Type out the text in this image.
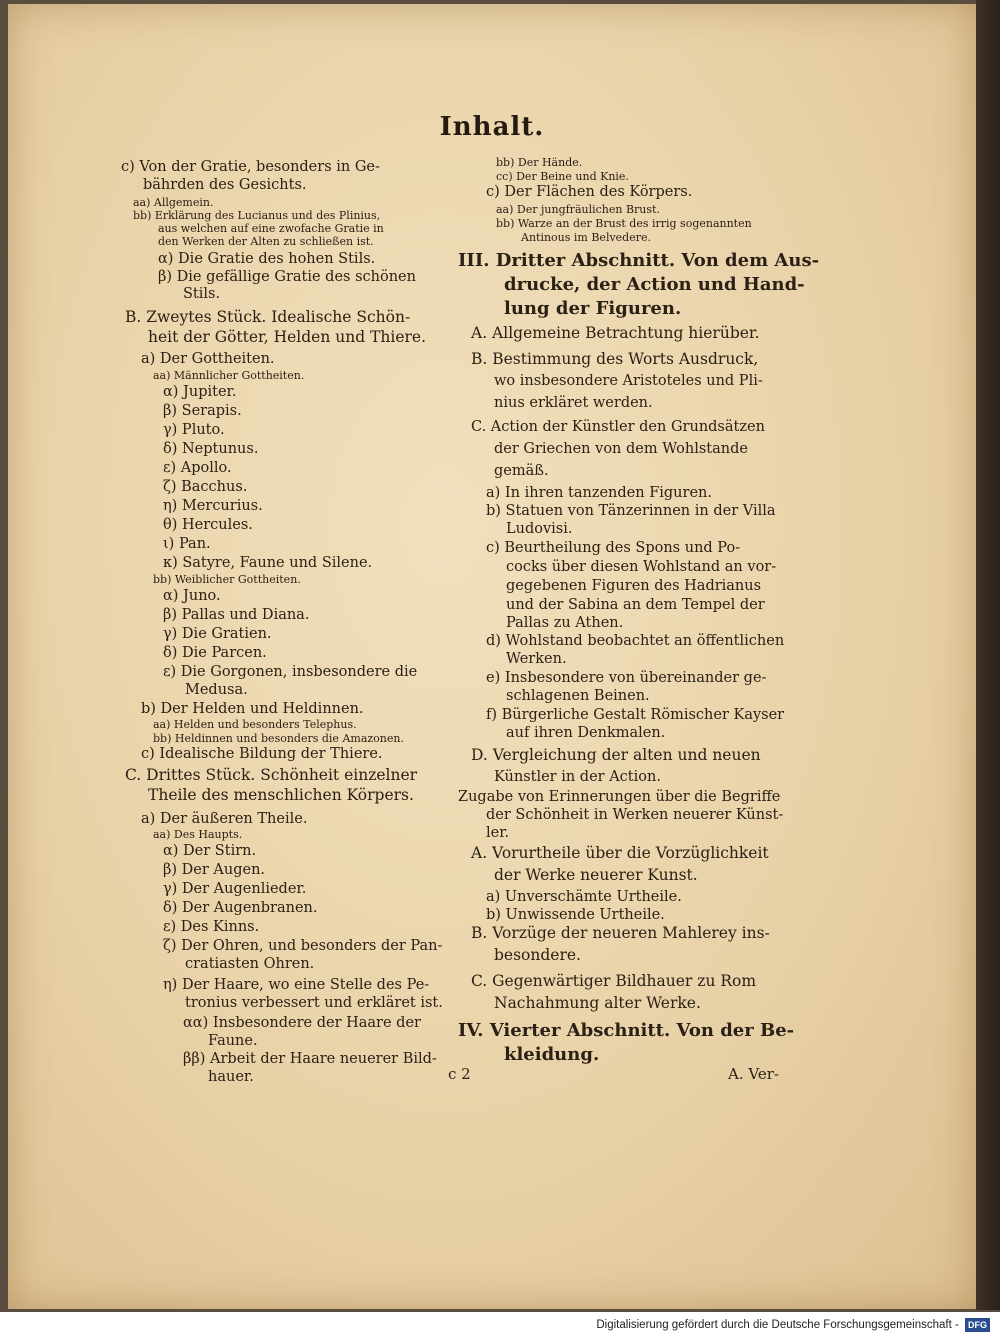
Inhalt.
c) Von der Gratie, besonders in Ge-
bährden des Gesichts.
aa) Allgemein.
bb) Erklärung des Lucianus und des Plinius,
aus welchen auf eine zwofache Gratie in
den Werken der Alten zu schließen ist.
α) Die Gratie des hohen Stils.
β) Die gefällige Gratie des schönen
Stils.
B. Zweytes Stück. Idealische Schön-
heit der Götter, Helden und Thiere.
a) Der Gottheiten.
aa) Männlicher Gottheiten.
α) Jupiter.
β) Serapis.
γ) Pluto.
δ) Neptunus.
ε) Apollo.
ζ) Bacchus.
η) Mercurius.
θ) Hercules.
ι) Pan.
κ) Satyre, Faune und Silene.
bb) Weiblicher Gottheiten.
α) Juno.
β) Pallas und Diana.
γ) Die Gratien.
δ) Die Parcen.
ε) Die Gorgonen, insbesondere die
Medusa.
b) Der Helden und Heldinnen.
aa) Helden und besonders Telephus.
bb) Heldinnen und besonders die Amazonen.
c) Idealische Bildung der Thiere.
C. Drittes Stück. Schönheit einzelner
Theile des menschlichen Körpers.
a) Der äußeren Theile.
aa) Des Haupts.
α) Der Stirn.
β) Der Augen.
γ) Der Augenlieder.
δ) Der Augenbranen.
ε) Des Kinns.
ζ) Der Ohren, und besonders der Pan-
cratiasten Ohren.
η) Der Haare, wo eine Stelle des Pe-
tronius verbessert und erkläret ist.
αα) Insbesondere der Haare der
Faune.
ββ) Arbeit der Haare neuerer Bild-
hauer.
bb) Der Hände.
cc) Der Beine und Knie.
c) Der Flächen des Körpers.
aa) Der jungfräulichen Brust.
bb) Warze an der Brust des irrig sogenannten
Antinous im Belvedere.
III. Dritter Abschnitt. Von dem Aus-
drucke, der Action und Hand-
lung der Figuren.
A. Allgemeine Betrachtung hierüber.
B. Bestimmung des Worts Ausdruck,
wo insbesondere Aristoteles und Pli-
nius erkläret werden.
C. Action der Künstler den Grundsätzen
der Griechen von dem Wohlstande
gemäß.
a) In ihren tanzenden Figuren.
b) Statuen von Tänzerinnen in der Villa
Ludovisi.
c) Beurtheilung des Spons und Po-
cocks über diesen Wohlstand an vor-
gegebenen Figuren des Hadrianus
und der Sabina an dem Tempel der
Pallas zu Athen.
d) Wohlstand beobachtet an öffentlichen
Werken.
e) Insbesondere von übereinander ge-
schlagenen Beinen.
f) Bürgerliche Gestalt Römischer Kayser
auf ihren Denkmalen.
D. Vergleichung der alten und neuen
Künstler in der Action.
Zugabe von Erinnerungen über die Begriffe
der Schönheit in Werken neuerer Künst-
ler.
A. Vorurtheile über die Vorzüglichkeit
der Werke neuerer Kunst.
a) Unverschämte Urtheile.
b) Unwissende Urtheile.
B. Vorzüge der neueren Mahlerey ins-
besondere.
C. Gegenwärtiger Bildhauer zu Rom
Nachahmung alter Werke.
IV. Vierter Abschnitt. Von der Be-
kleidung.
c 2	A. Ver-
Digitalisierung gefördert durch die Deutsche Forschungsgemeinschaft - DFG
